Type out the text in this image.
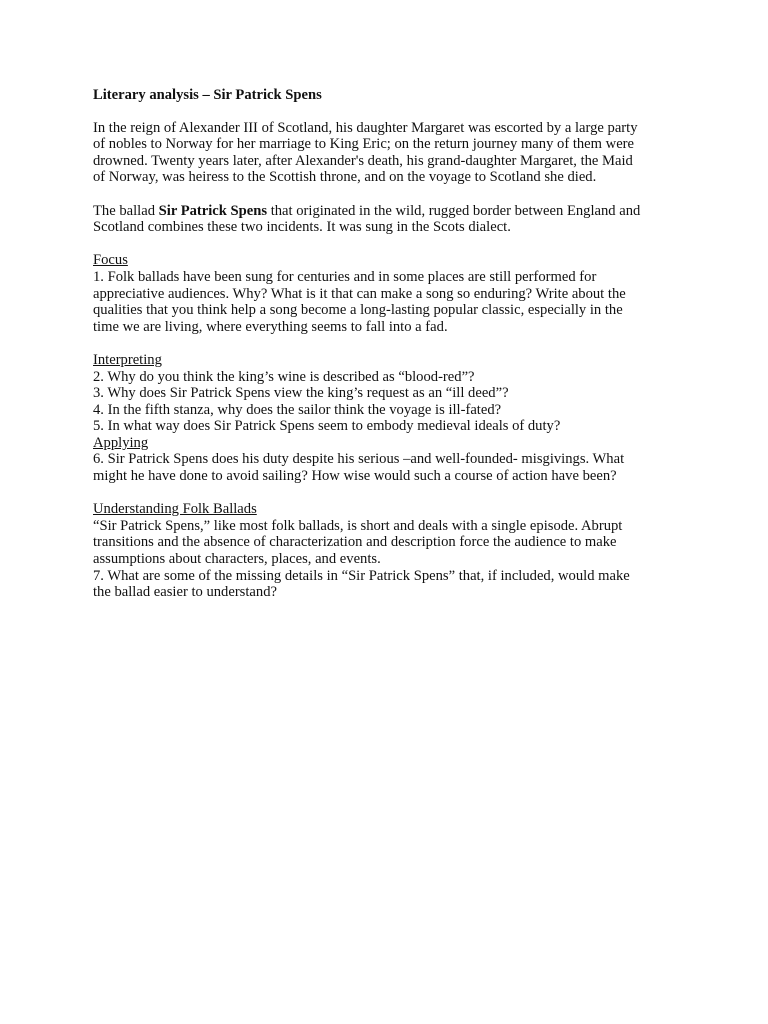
Literary analysis – Sir Patrick Spens

In the reign of Alexander III of Scotland, his daughter Margaret was escorted by a large party
of nobles to Norway for her marriage to King Eric; on the return journey many of them were
drowned. Twenty years later, after Alexander's death, his grand-daughter Margaret, the Maid
of Norway, was heiress to the Scottish throne, and on the voyage to Scotland she died.

The ballad Sir Patrick Spens that originated in the wild, rugged border between England and
Scotland combines these two incidents. It was sung in the Scots dialect.

Focus
1. Folk ballads have been sung for centuries and in some places are still performed for
appreciative audiences. Why? What is it that can make a song so enduring? Write about the
qualities that you think help a song become a long-lasting popular classic, especially in the
time we are living, where everything seems to fall into a fad.
Interpreting
2. Why do you think the king’s wine is described as “blood-red”?
3. Why does Sir Patrick Spens view the king’s request as an “ill deed”?
4. In the fifth stanza, why does the sailor think the voyage is ill-fated?
5. In what way does Sir Patrick Spens seem to embody medieval ideals of duty?
Applying
6. Sir Patrick Spens does his duty despite his serious –and well-founded- misgivings. What
might he have done to avoid sailing? How wise would such a course of action have been?
Understanding Folk Ballads
“Sir Patrick Spens,” like most folk ballads, is short and deals with a single episode. Abrupt
transitions and the absence of characterization and description force the audience to make
assumptions about characters, places, and events.
7. What are some of the missing details in “Sir Patrick Spens” that, if included, would make
the ballad easier to understand?
